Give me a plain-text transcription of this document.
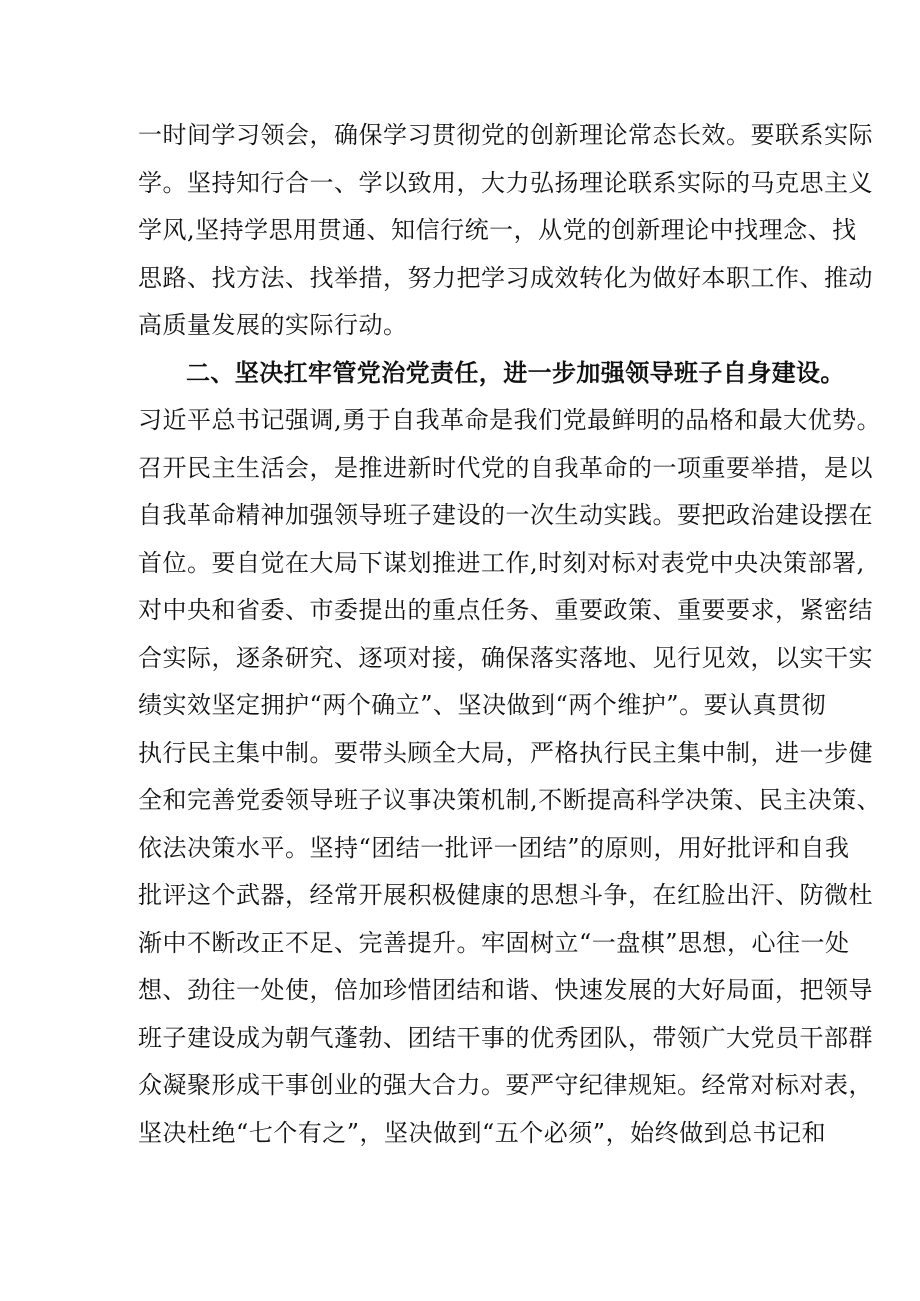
一时间学习领会，确保学习贯彻党的创新理论常态长效。要联系实际
学。坚持知行合一、学以致用，大力弘扬理论联系实际的马克思主义
学风,坚持学思用贯通、知信行统一，从党的创新理论中找理念、找
思路、找方法、找举措，努力把学习成效转化为做好本职工作、推动
高质量发展的实际行动。
二、坚决扛牢管党治党责任，进一步加强领导班子自身建设。
习近平总书记强调,勇于自我革命是我们党最鲜明的品格和最大优势。
召开民主生活会，是推进新时代党的自我革命的一项重要举措，是以
自我革命精神加强领导班子建设的一次生动实践。要把政治建设摆在
首位。要自觉在大局下谋划推进工作,时刻对标对表党中央决策部署,
对中央和省委、市委提出的重点任务、重要政策、重要要求，紧密结
合实际，逐条研究、逐项对接，确保落实落地、见行见效，以实干实
绩实效坚定拥护“两个确立”、坚决做到“两个维护”。要认真贯彻
执行民主集中制。要带头顾全大局，严格执行民主集中制，进一步健
全和完善党委领导班子议事决策机制,不断提高科学决策、民主决策、
依法决策水平。坚持“团结一批评一团结”的原则，用好批评和自我
批评这个武器，经常开展积极健康的思想斗争，在红脸出汗、防微杜
渐中不断改正不足、完善提升。牢固树立“一盘棋”思想，心往一处
想、劲往一处使，倍加珍惜团结和谐、快速发展的大好局面，把领导
班子建设成为朝气蓬勃、团结干事的优秀团队，带领广大党员干部群
众凝聚形成干事创业的强大合力。要严守纪律规矩。经常对标对表，
坚决杜绝“七个有之”，坚决做到“五个必须”，始终做到总书记和
